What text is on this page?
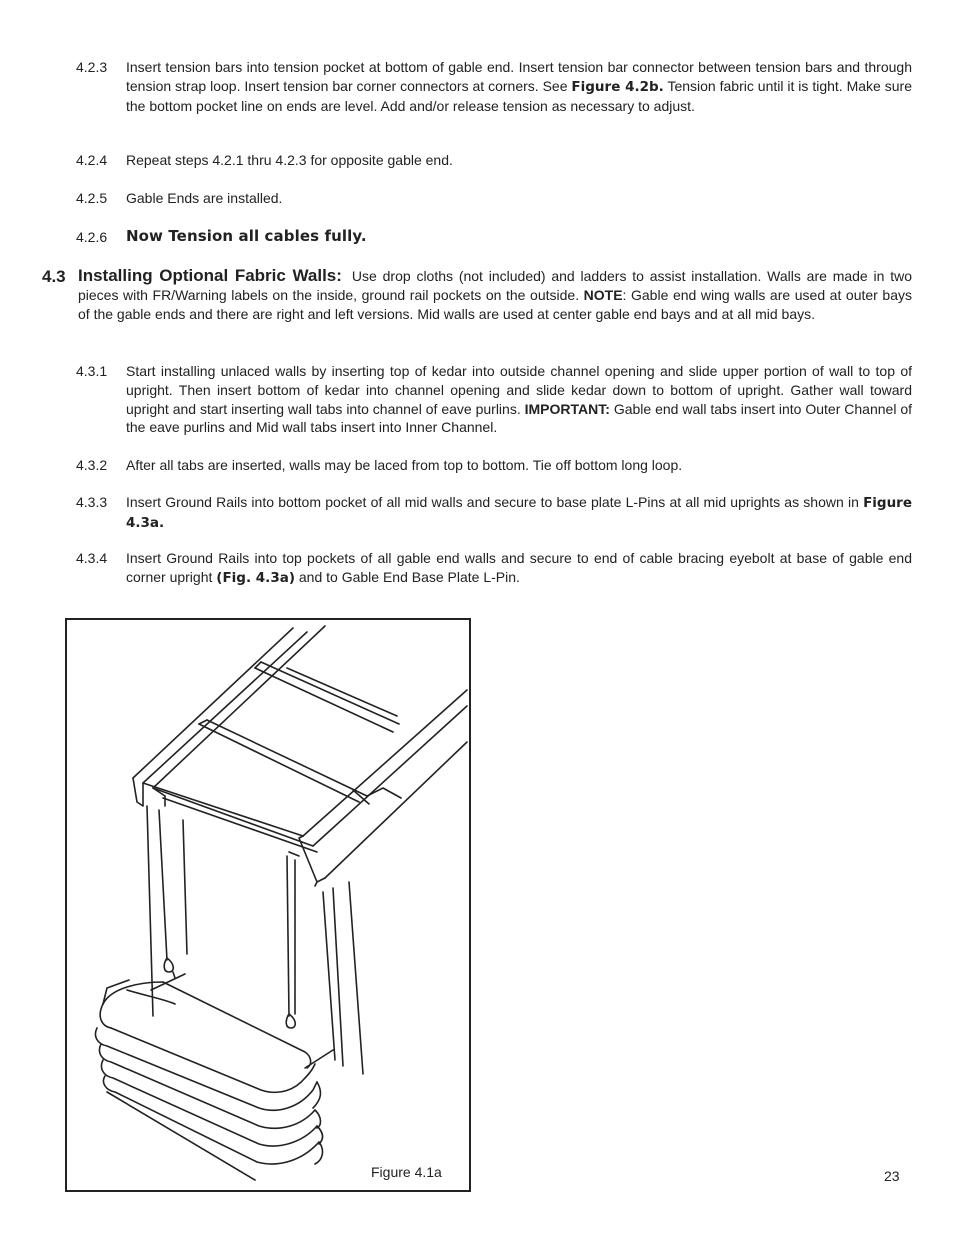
4.2.3 Insert tension bars into tension pocket at bottom of gable end. Insert tension bar connector between tension bars and through tension strap loop. Insert tension bar corner connectors at corners. See Figure 4.2b. Tension fabric until it is tight. Make sure the bottom pocket line on ends are level. Add and/or release tension as necessary to adjust.
4.2.4 Repeat steps 4.2.1 thru 4.2.3 for opposite gable end.
4.2.5 Gable Ends are installed.
4.2.6 Now Tension all cables fully.
4.3 Installing Optional Fabric Walls: Use drop cloths (not included) and ladders to assist installation. Walls are made in two pieces with FR/Warning labels on the inside, ground rail pockets on the outside. NOTE: Gable end wing walls are used at outer bays of the gable ends and there are right and left versions. Mid walls are used at center gable end bays and at all mid bays.
4.3.1 Start installing unlaced walls by inserting top of kedar into outside channel opening and slide upper portion of wall to top of upright. Then insert bottom of kedar into channel opening and slide kedar down to bottom of upright. Gather wall toward upright and start inserting wall tabs into channel of eave purlins. IMPORTANT: Gable end wall tabs insert into Outer Channel of the eave purlins and Mid wall tabs insert into Inner Channel.
4.3.2 After all tabs are inserted, walls may be laced from top to bottom. Tie off bottom long loop.
4.3.3 Insert Ground Rails into bottom pocket of all mid walls and secure to base plate L-Pins at all mid uprights as shown in Figure 4.3a.
4.3.4 Insert Ground Rails into top pockets of all gable end walls and secure to end of cable bracing eyebolt at base of gable end corner upright (Fig. 4.3a) and to Gable End Base Plate L-Pin.
Figure 4.1a	23
